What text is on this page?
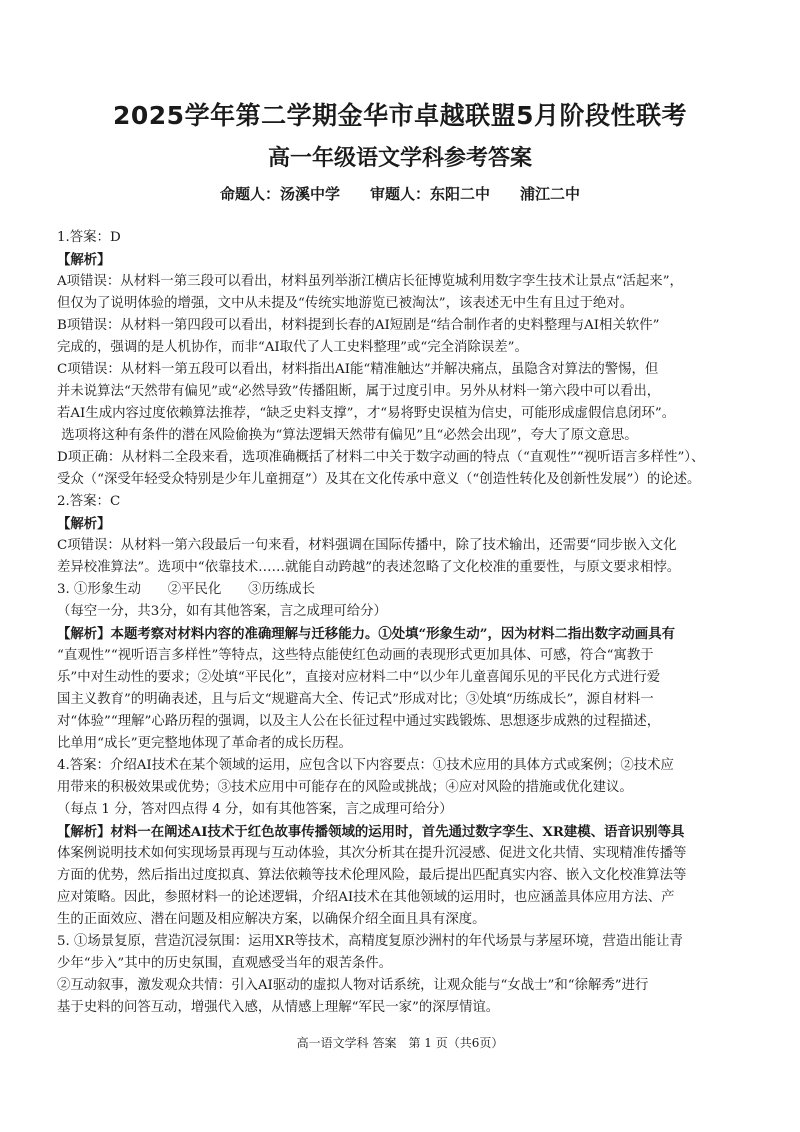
2025学年第二学期金华市卓越联盟5月阶段性联考
高一年级语文学科参考答案
命题人：汤溪中学　　审题人：东阳二中　　浦江二中
1.答案：D
【解析】
A项错误：从材料一第三段可以看出，材料虽列举浙江横店长征博览城利用数字孪生技术让景点“活起来”，
但仅为了说明体验的增强，文中从未提及“传统实地游览已被淘汰”，该表述无中生有且过于绝对。
B项错误：从材料一第四段可以看出，材料提到长春的AI短剧是“结合制作者的史料整理与AI相关软件”
完成的，强调的是人机协作，而非“AI取代了人工史料整理”或“完全消除误差”。
C项错误：从材料一第五段可以看出，材料指出AI能“精准触达”并解决痛点，虽隐含对算法的警惕，但
并未说算法“天然带有偏见”或“必然导致”传播阻断，属于过度引申。另外从材料一第六段中可以看出，
若AI生成内容过度依赖算法推荐，“缺乏史料支撑”，才“易将野史误植为信史，可能形成虚假信息闭环”。
选项将这种有条件的潜在风险偷换为“算法逻辑天然带有偏见”且“必然会出现”，夸大了原文意思。
D项正确：从材料二全段来看，选项准确概括了材料二中关于数字动画的特点（“直观性”“视听语言多样性”）、
受众（“深受年轻受众特别是少年儿童拥趸”）及其在文化传承中意义（“创造性转化及创新性发展”）的论述。
2.答案：C
【解析】
C项错误：从材料一第六段最后一句来看，材料强调在国际传播中，除了技术输出，还需要“同步嵌入文化
差异校准算法”。选项中“依靠技术……就能自动跨越”的表述忽略了文化校准的重要性，与原文要求相悖。
3. ①形象生动　　②平民化　　③历练成长
（每空一分，共3分，如有其他答案，言之成理可给分）
【解析】本题考察对材料内容的准确理解与迁移能力。①处填“形象生动”，因为材料二指出数字动画具有
“直观性”“视听语言多样性”等特点，这些特点能使红色动画的表现形式更加具体、可感，符合“寓教于
乐”中对生动性的要求；②处填“平民化”，直接对应材料二中“以少年儿童喜闻乐见的平民化方式进行爱
国主义教育”的明确表述，且与后文“规避高大全、传记式”形成对比；③处填“历练成长”，源自材料一
对“体验”“理解”心路历程的强调，以及主人公在长征过程中通过实践锻炼、思想逐步成熟的过程描述，
比单用“成长”更完整地体现了革命者的成长历程。
4.答案：介绍AI技术在某个领域的运用，应包含以下内容要点：①技术应用的具体方式或案例；②技术应
用带来的积极效果或优势；③技术应用中可能存在的风险或挑战；④应对风险的措施或优化建议。
（每点 1 分，答对四点得 4 分，如有其他答案，言之成理可给分）
【解析】材料一在阐述AI技术于红色故事传播领域的运用时，首先通过数字孪生、XR建模、语音识别等具
体案例说明技术如何实现场景再现与互动体验，其次分析其在提升沉浸感、促进文化共情、实现精准传播等
方面的优势，然后指出过度拟真、算法依赖等技术伦理风险，最后提出匹配真实内容、嵌入文化校准算法等
应对策略。因此，参照材料一的论述逻辑，介绍AI技术在其他领域的运用时，也应涵盖具体应用方法、产
生的正面效应、潜在问题及相应解决方案，以确保介绍全面且具有深度。
5. ①场景复原，营造沉浸氛围：运用XR等技术，高精度复原沙洲村的年代场景与茅屋环境，营造出能让青
少年“步入”其中的历史氛围，直观感受当年的艰苦条件。
②互动叙事，激发观众共情：引入AI驱动的虚拟人物对话系统，让观众能与“女战士”和“徐解秀”进行
基于史料的问答互动，增强代入感，从情感上理解“军民一家”的深厚情谊。
高一语文学科 答案　第 1 页（共6页）
